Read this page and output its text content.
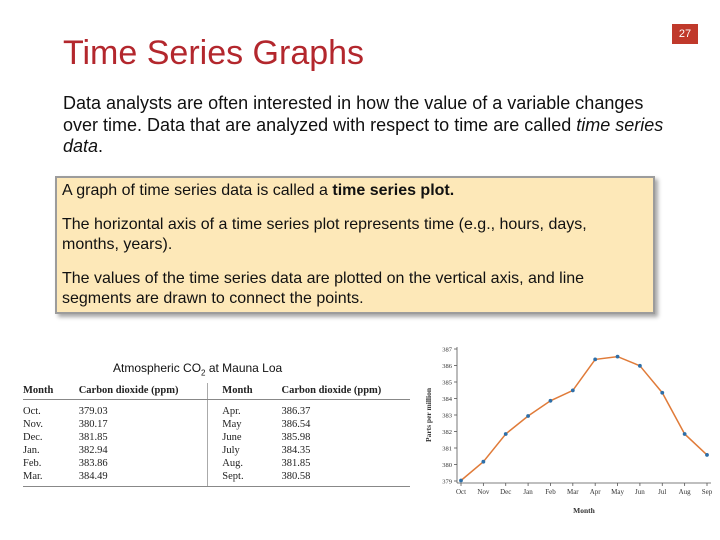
27
Time Series Graphs
Data analysts are often interested in how the value of a variable changes over time. Data that are analyzed with respect to time are called time series data.

A graph of time series data is called a time series plot.

The horizontal axis of a time series plot represents time (e.g., hours, days, months, years).

The values of the time series data are plotted on the vertical axis, and line segments are drawn to connect the points.

Atmospheric $CO_2$ at Mauna Loa
Month	Carbon dioxide (ppm)	Month	Carbon dioxide (ppm)
Oct.	379.03	Apr.	386.37
Nov.	380.17	May	386.54
Dec.	381.85	June	385.98
Jan.	382.94	July	384.35
Feb.	383.86	Aug.	381.85
Mar.	384.49	Sept.	380.58	379
380
381
382
383
384
385
386
387
Oct Nov Dec Jan Feb Mar Apr May Jun Jul Aug Sep
Month
Parts per million
